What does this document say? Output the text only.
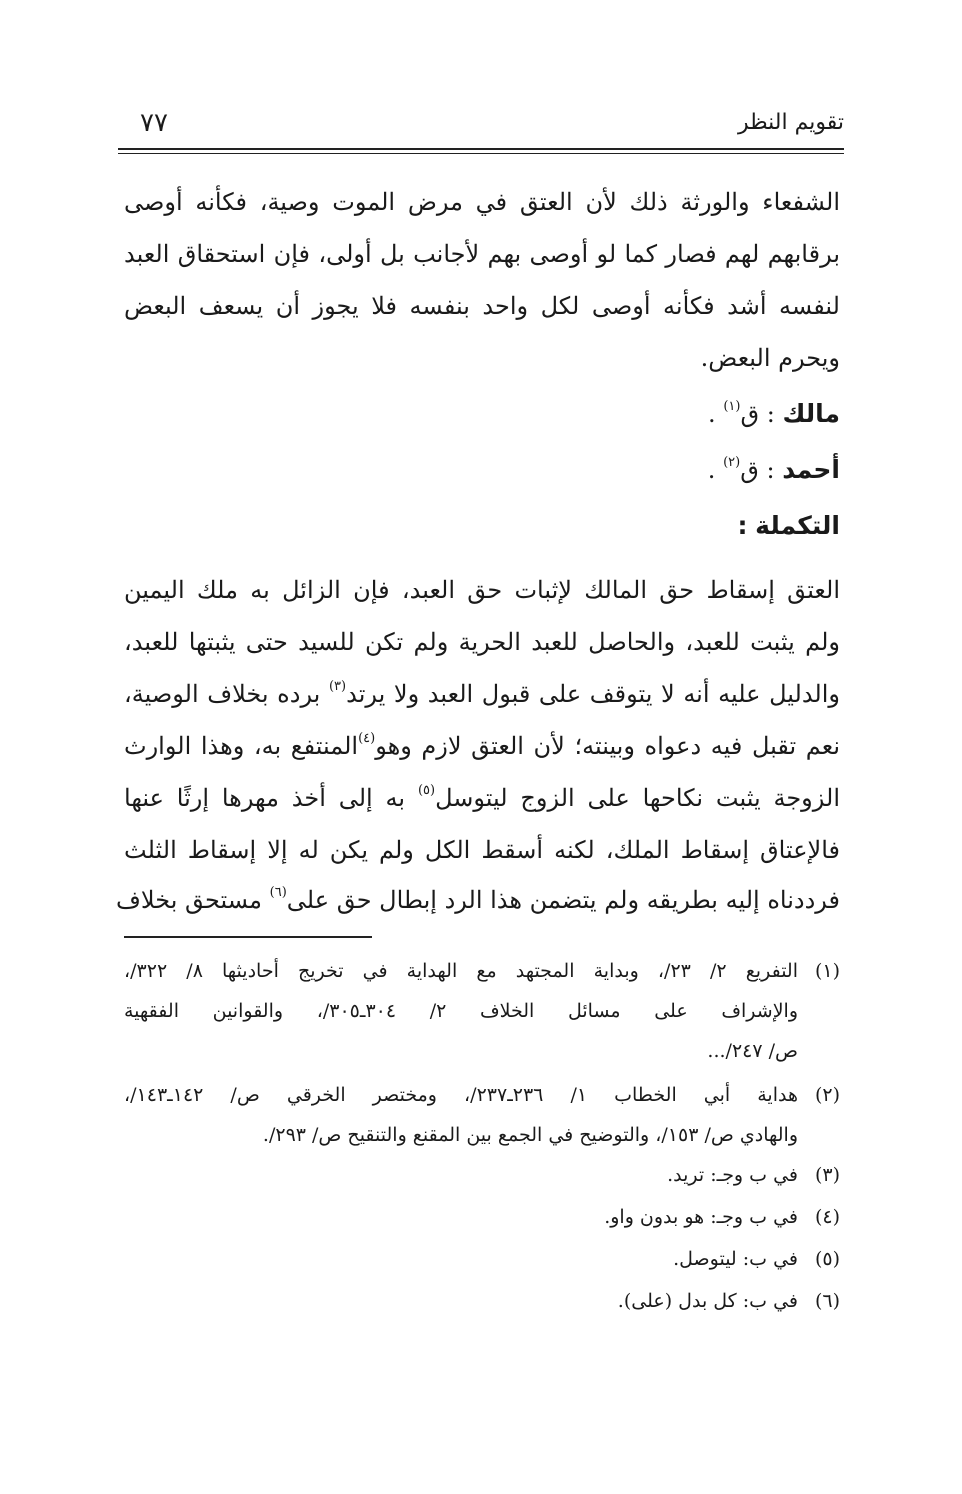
تقويم النظر
٧٧
الشفعاء والورثة ذلك لأن العتق في مرض الموت وصية، فكأنه أوصى
برقابهم لهم فصار كما لو أوصى بهم لأجانب بل أولى، فإن استحقاق العبد
لنفسه أشد فكأنه أوصى لكل واحد بنفسه فلا يجوز أن يسعف البعض
ويحرم البعض.
مالك : ق$^{(١)}$ .
أحمد : ق$^{(٢)}$ .
التكملة :
العتق إسقاط حق المالك لإثبات حق العبد، فإن الزائل به ملك اليمين
ولم يثبت للعبد، والحاصل للعبد الحرية ولم تكن للسيد حتى يثبتها للعبد،
والدليل عليه أنه لا يتوقف على قبول العبد ولا يرتد$^{(٣)}$ برده بخلاف الوصية،
نعم تقبل فيه دعواه وبينته؛ لأن العتق لازم وهو$^{(٤)}$المنتفع به، وهذا الوارث
الزوجة يثبت نكاحها على الزوج ليتوسل$^{(٥)}$ به إلى أخذ مهرها إرثًا عنها
فالإعتاق إسقاط الملك، لكنه أسقط الكل ولم يكن له إلا إسقاط الثلث
فرددناه إليه بطريقه ولم يتضمن هذا الرد إبطال حق على$^{(٦)}$ مستحق بخلاف
(١)
التفريع ٢/ ٢٣/، وبداية المجتهد مع الهداية في تخريج أحاديثها ٨/ ٣٢٢/،
والإشراف على مسائل الخلاف ٢/ ٣٠٤ـ٣٠٥/، والقوانين الفقهية
ص/ ٢٤٧/...
(٢)
هداية أبي الخطاب ١/ ٢٣٦ـ٢٣٧/، ومختصر الخرقي ص/ ١٤٢ـ١٤٣/،
والهادي ص/ ١٥٣/، والتوضيح في الجمع بين المقنع والتنقيح ص/ ٢٩٣/.
(٣)
في ب وجـ: تريد.
(٤)
في ب وجـ: هو بدون واو.
(٥)
في ب: ليتوصل.
(٦)
في ب: كل بدل (على).
